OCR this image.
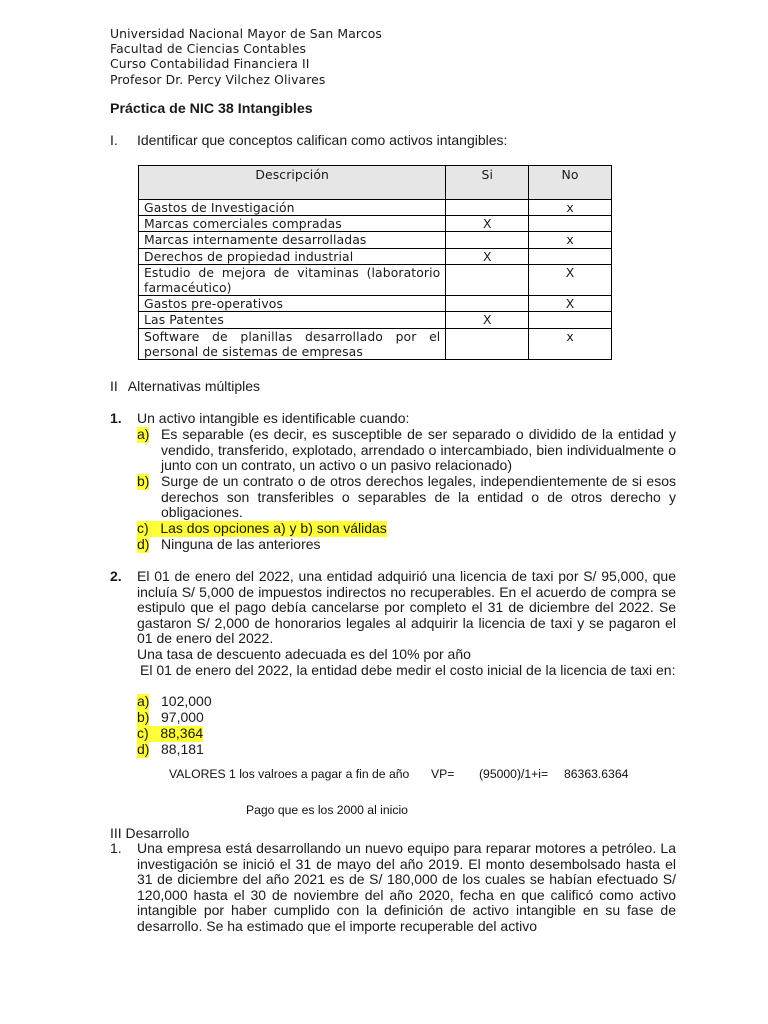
Universidad Nacional Mayor de San Marcos
Facultad de Ciencias Contables
Curso Contabilidad Financiera II
Profesor Dr. Percy Vilchez Olivares
Práctica de NIC 38 Intangibles
I. Identificar que conceptos califican como activos intangibles:
Descripción	Si	No
Gastos de Investigación		x
Marcas comerciales compradas	X	
Marcas internamente desarrolladas		x
Derechos de propiedad industrial	X	
Estudio de mejora de vitaminas (laboratorio farmacéutico)		X
Gastos pre-operativos		X
Las Patentes	X	
Software de planillas desarrollado por el personal de sistemas de empresas		x
II Alternativas múltiples
1. Un activo intangible es identificable cuando:
a) Es separable (es decir, es susceptible de ser separado o dividido de la entidad y vendido, transferido, explotado, arrendado o intercambiado, bien individualmente o junto con un contrato, un activo o un pasivo relacionado)
b) Surge de un contrato o de otros derechos legales, independientemente de si esos derechos son transferibles o separables de la entidad o de otros derecho y obligaciones.
c) Las dos opciones a) y b) son válidas
d) Ninguna de las anteriores
2. El 01 de enero del 2022, una entidad adquirió una licencia de taxi por S/ 95,000, que incluía S/ 5,000 de impuestos indirectos no recuperables. En el acuerdo de compra se estipulo que el pago debía cancelarse por completo el 31 de diciembre del 2022. Se gastaron S/ 2,000 de honorarios legales al adquirir la licencia de taxi y se pagaron el 01 de enero del 2022.
Una tasa de descuento adecuada es del 10% por año
El 01 de enero del 2022, la entidad debe medir el costo inicial de la licencia de taxi en:
a) 102,000
b) 97,000
c) 88,364
d) 88,181
VALORES 1 los valroes a pagar a fin de año VP= (95000)/1+i= 86363.6364
Pago que es los 2000 al inicio
III Desarrollo
1. Una empresa está desarrollando un nuevo equipo para reparar motores a petróleo. La investigación se inició el 31 de mayo del año 2019. El monto desembolsado hasta el 31 de diciembre del año 2021 es de S/ 180,000 de los cuales se habían efectuado S/ 120,000 hasta el 30 de noviembre del año 2020, fecha en que calificó como activo intangible por haber cumplido con la definición de activo intangible en su fase de desarrollo. Se ha estimado que el importe recuperable del activo
